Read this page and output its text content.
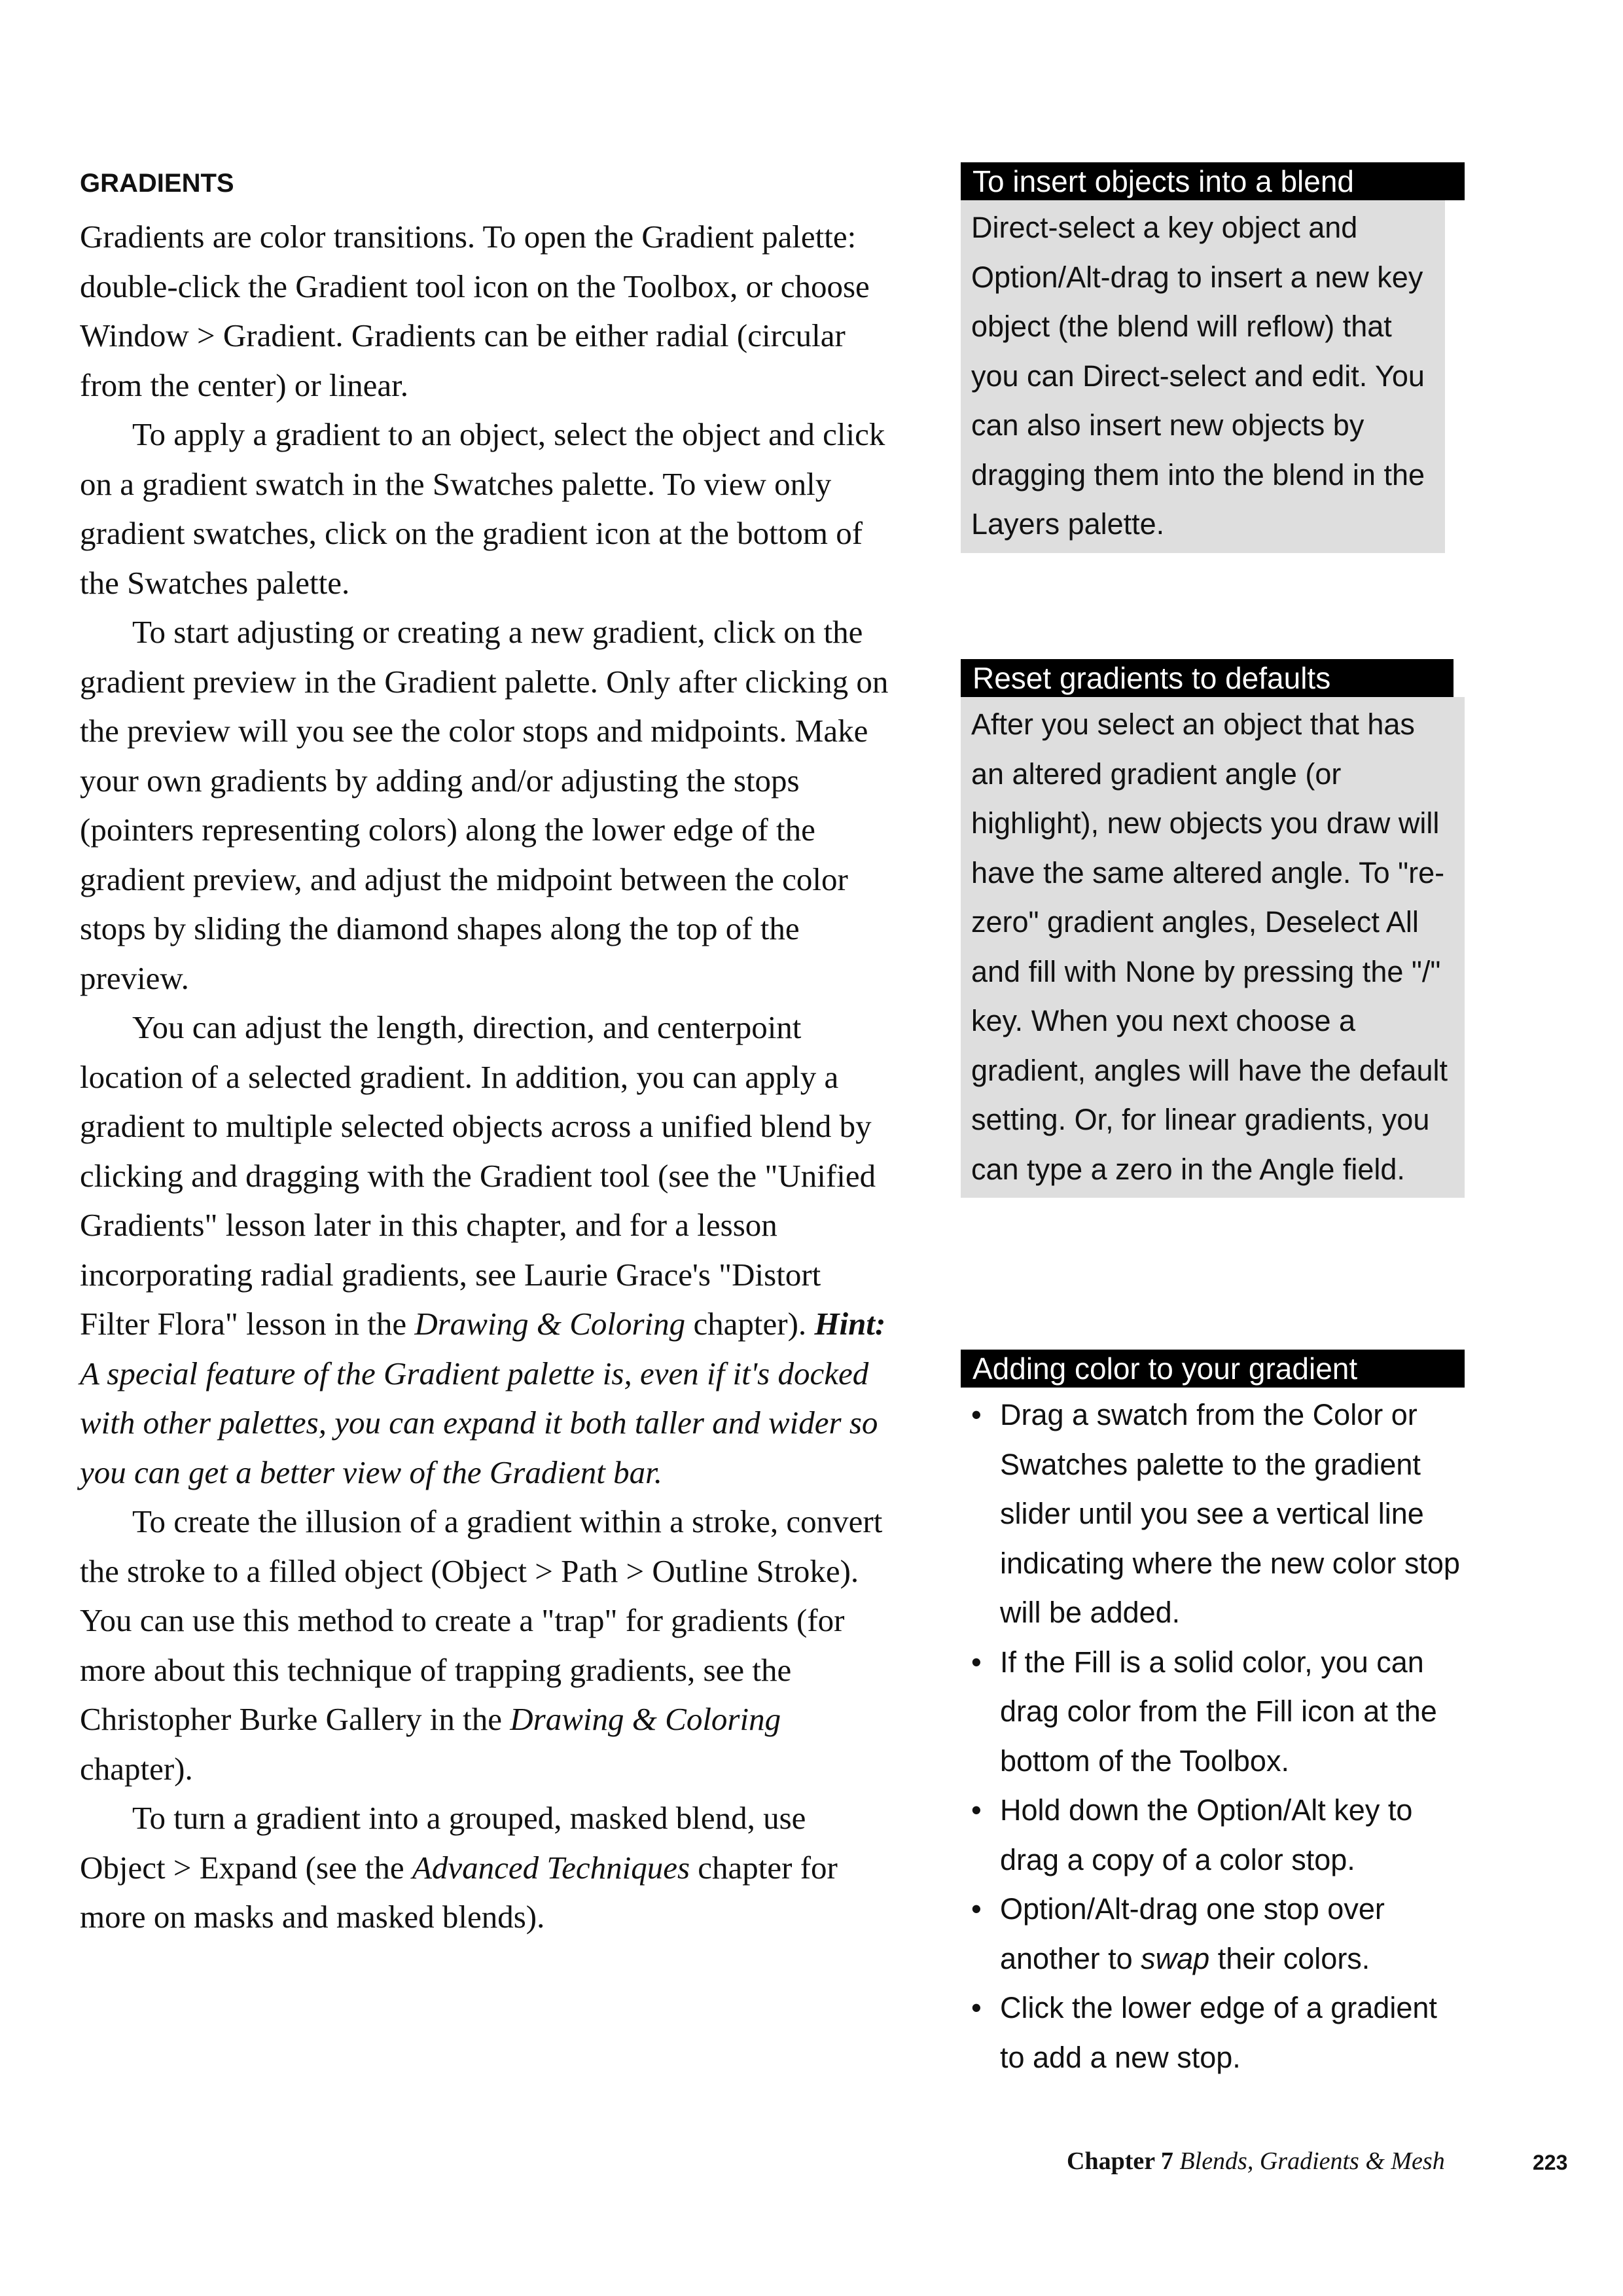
GRADIENTS

Gradients are color transitions. To open the Gradient palette: double-click the Gradient tool icon on the Toolbox, or choose Window > Gradient. Gradients can be either radial (circular from the center) or linear.

To apply a gradient to an object, select the object and click on a gradient swatch in the Swatches palette. To view only gradient swatches, click on the gradient icon at the bottom of the Swatches palette.

To start adjusting or creating a new gradient, click on the gradient preview in the Gradient palette. Only after clicking on the preview will you see the color stops and midpoints. Make your own gradients by adding and/or adjusting the stops (pointers representing colors) along the lower edge of the gradient preview, and adjust the midpoint between the color stops by sliding the diamond shapes along the top of the preview.

You can adjust the length, direction, and centerpoint location of a selected gradient. In addition, you can apply a gradient to multiple selected objects across a unified blend by clicking and dragging with the Gradient tool (see the "Unified Gradients" lesson later in this chapter, and for a lesson incorporating radial gradients, see Laurie Grace's "Distort Filter Flora" lesson in the Drawing & Coloring chapter). Hint: A special feature of the Gradient palette is, even if it's docked with other palettes, you can expand it both taller and wider so you can get a better view of the Gradient bar.

To create the illusion of a gradient within a stroke, convert the stroke to a filled object (Object > Path > Outline Stroke). You can use this method to create a "trap" for gradients (for more about this technique of trapping gradients, see the Christopher Burke Gallery in the Drawing & Coloring chapter).

To turn a gradient into a grouped, masked blend, use Object > Expand (see the Advanced Techniques chapter for more on masks and masked blends).

To insert objects into a blend
Direct-select a key object and Option/Alt-drag to insert a new key object (the blend will reflow) that you can Direct-select and edit. You can also insert new objects by dragging them into the blend in the Layers palette.
Reset gradients to defaults
After you select an object that has an altered gradient angle (or highlight), new objects you draw will have the same altered angle. To "re-zero" gradient angles, Deselect All and fill with None by pressing the "/" key. When you next choose a gradient, angles will have the default setting. Or, for linear gradients, you can type a zero in the Angle field.
Adding color to your gradient
• Drag a swatch from the Color or Swatches palette to the gradient slider until you see a vertical line indicating where the new color stop will be added.
• If the Fill is a solid color, you can drag color from the Fill icon at the bottom of the Toolbox.
• Hold down the Option/Alt key to drag a copy of a color stop.
• Option/Alt-drag one stop over another to swap their colors.
• Click the lower edge of a gradient to add a new stop.
Chapter 7 Blends, Gradients & Mesh	223
